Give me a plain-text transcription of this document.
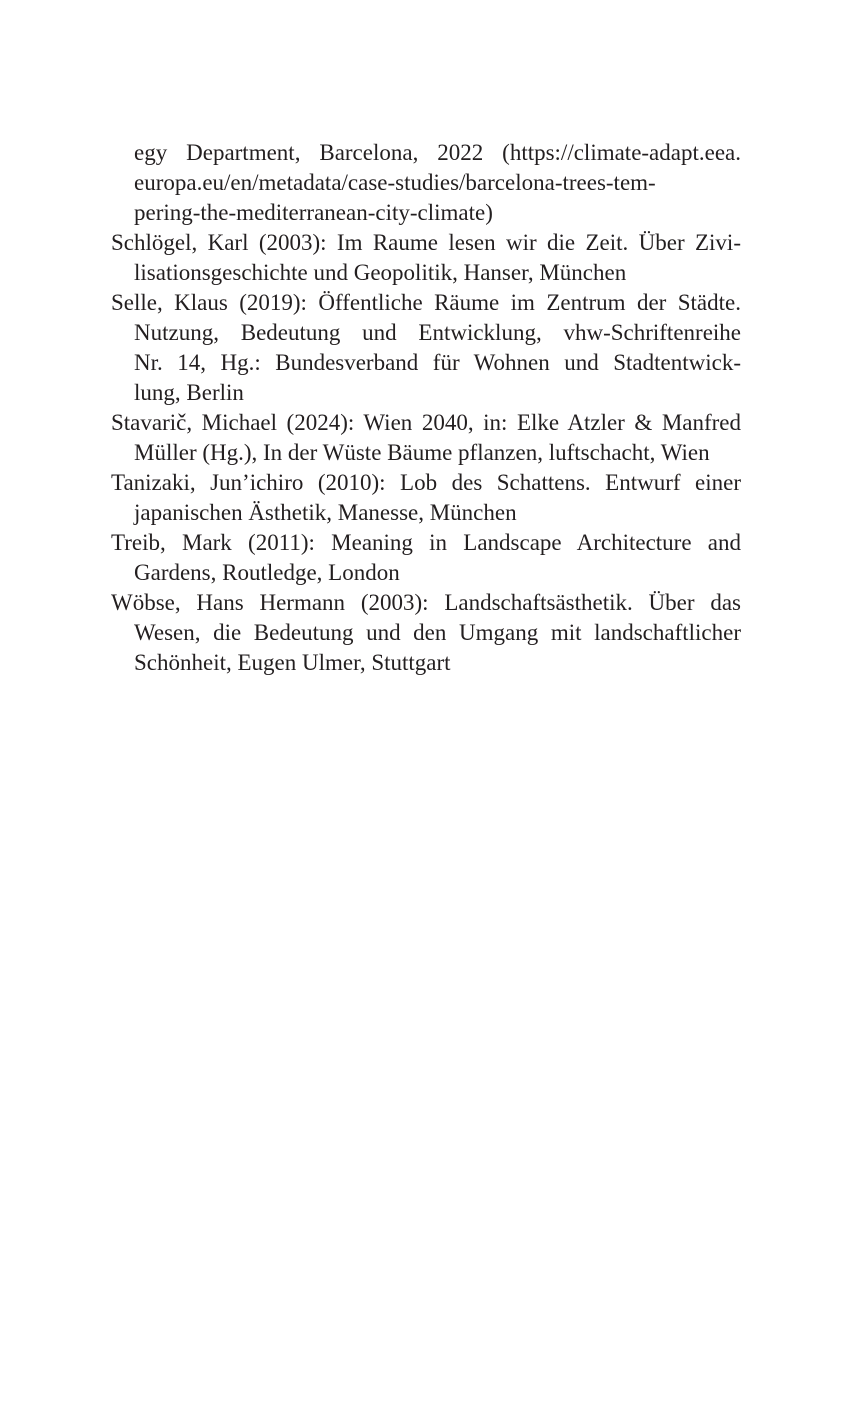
egy Department, Barcelona, 2022 (https://climate-adapt.eea.
europa.eu/en/metadata/case-studies/barcelona-trees-tem-
pering-the-mediterranean-city-climate)

Schlögel, Karl (2003): Im Raume lesen wir die Zeit. Über Zivi-
lisationsgeschichte und Geopolitik, Hanser, München

Selle, Klaus (2019): Öffentliche Räume im Zentrum der Städte.
Nutzung, Bedeutung und Entwicklung, vhw-Schriftenreihe
Nr. 14, Hg.: Bundesverband für Wohnen und Stadtentwick-
lung, Berlin

Stavarič, Michael (2024): Wien 2040, in: Elke Atzler & Manfred
Müller (Hg.), In der Wüste Bäume pflanzen, luftschacht, Wien

Tanizaki, Jun’ichiro (2010): Lob des Schattens. Entwurf einer
japanischen Ästhetik, Manesse, München

Treib, Mark (2011): Meaning in Landscape Architecture and
Gardens, Routledge, London

Wöbse, Hans Hermann (2003): Landschaftsästhetik. Über das
Wesen, die Bedeutung und den Umgang mit landschaftlicher
Schönheit, Eugen Ulmer, Stuttgart
